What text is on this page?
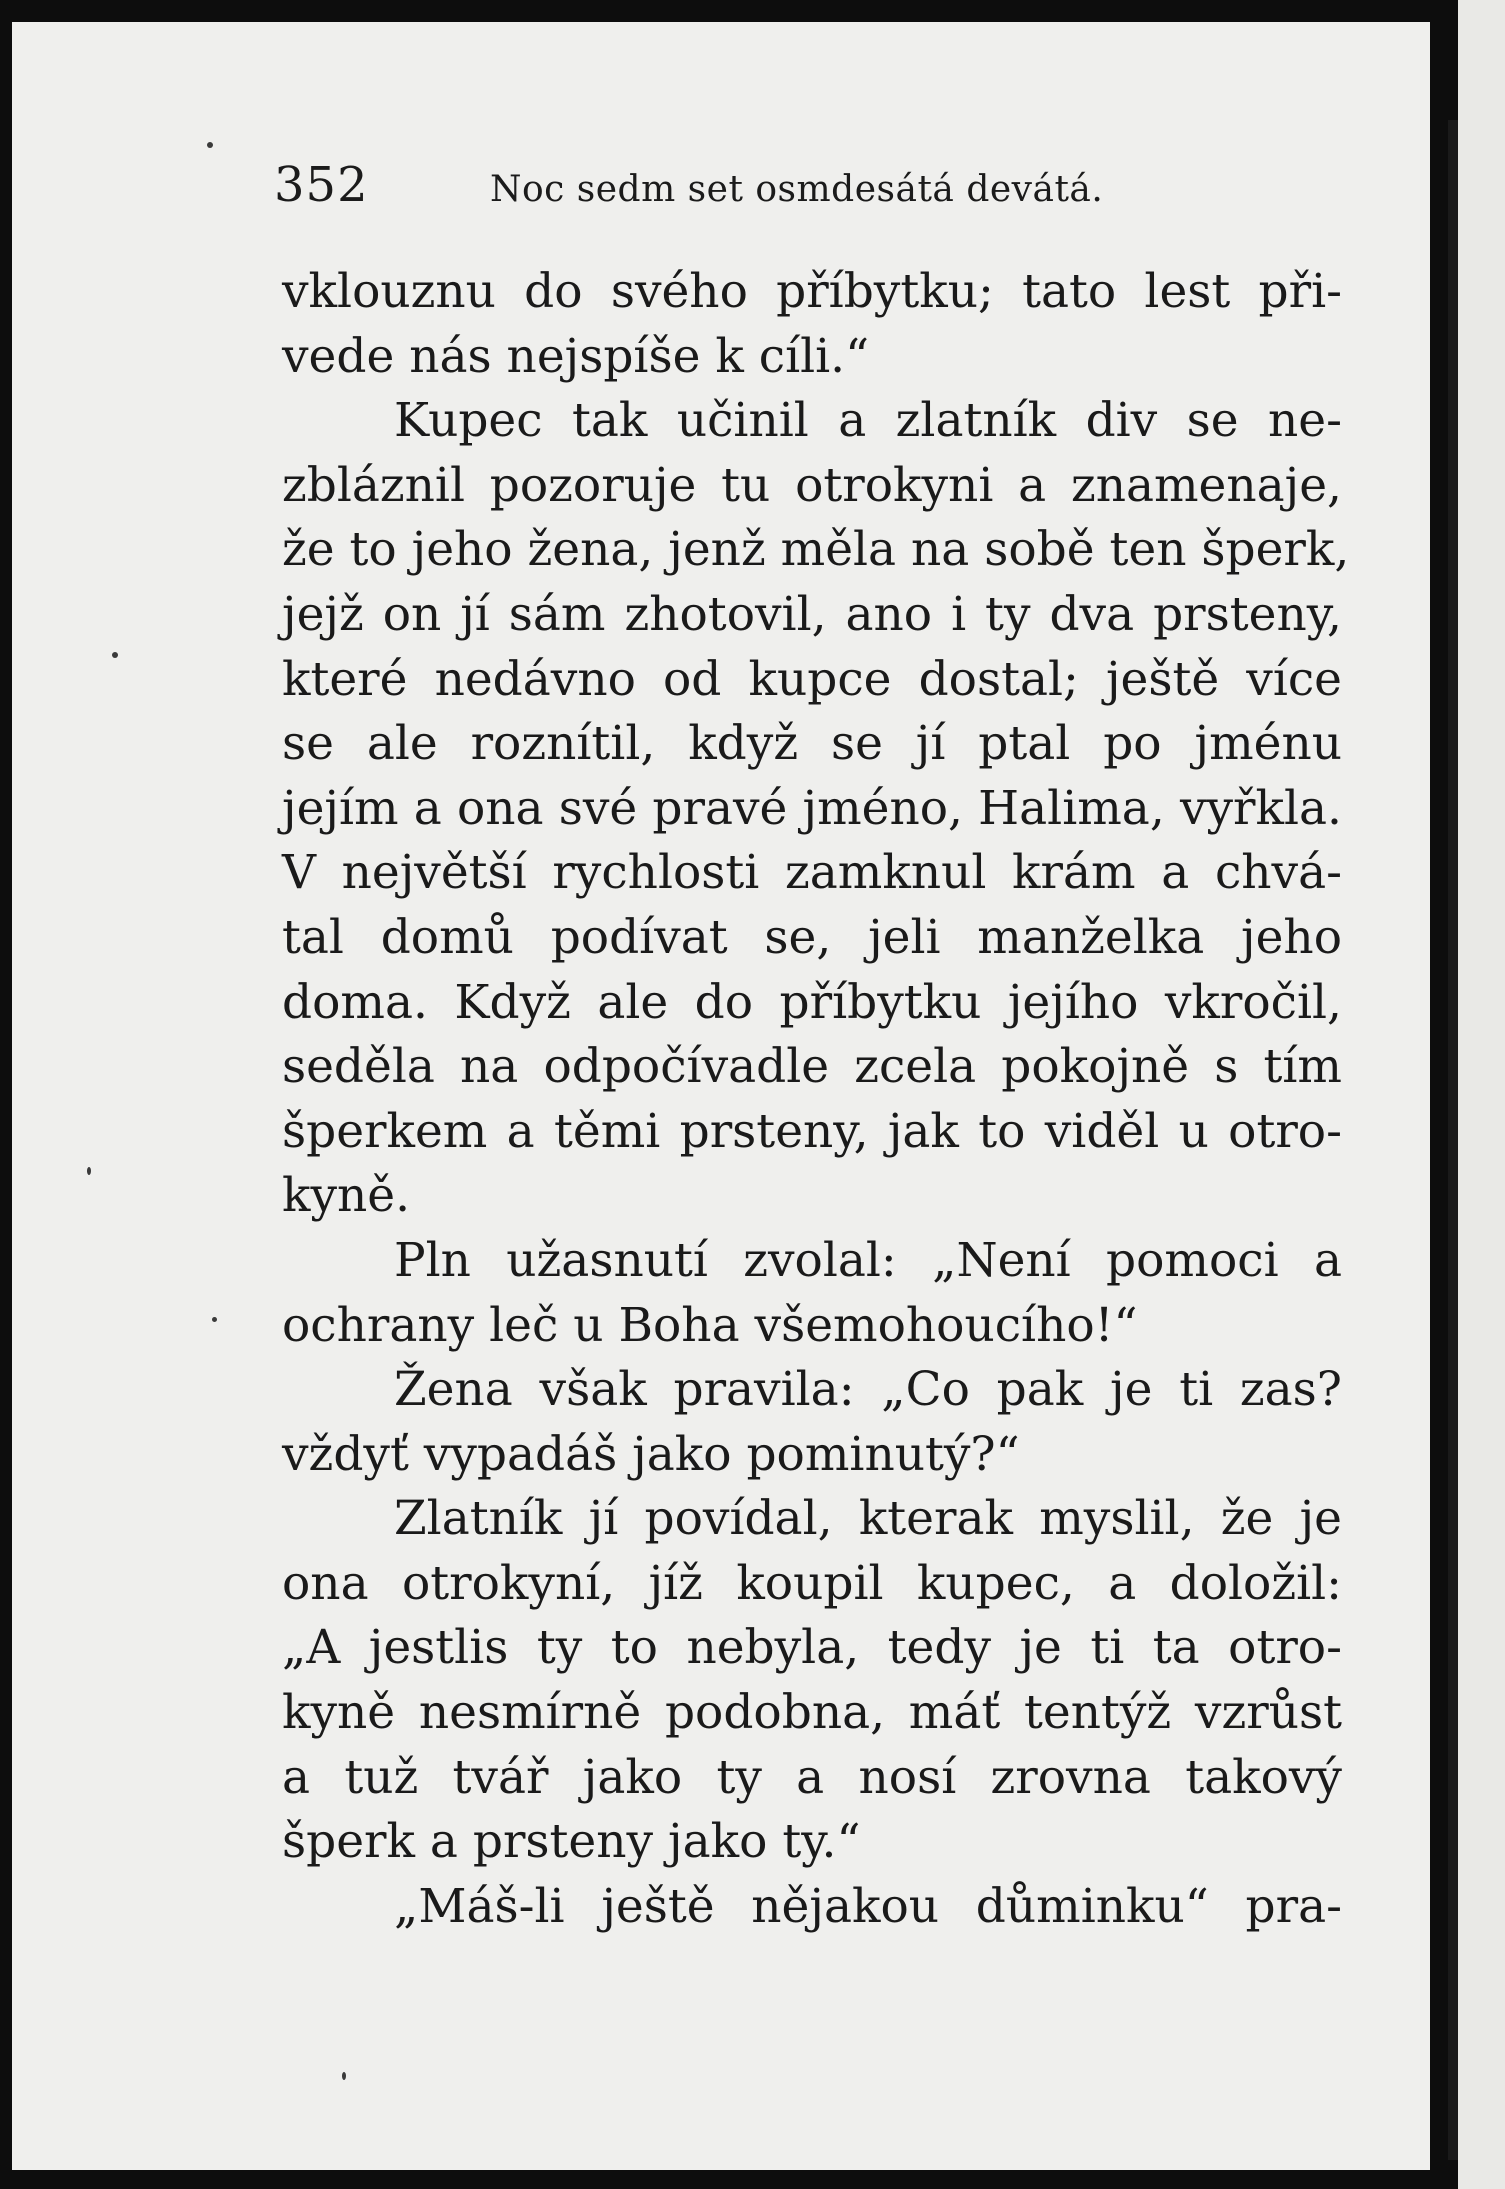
352	Noc sedm set osmdesátá devátá.
vklouznu do svého příbytku; tato lest při-
vede nás nejspíše k cíli.“
Kupec tak učinil a zlatník div se ne-
zbláznil pozoruje tu otrokyni a znamenaje,
že to jeho žena, jenž měla na sobě ten šperk,
jejž on jí sám zhotovil, ano i ty dva prsteny,
které nedávno od kupce dostal; ještě více
se ale roznítil, když se jí ptal po jménu
jejím a ona své pravé jméno, Halima, vyřkla.
V největší rychlosti zamknul krám a chvá-
tal domů podívat se, jeli manželka jeho
doma. Když ale do příbytku jejího vkročil,
seděla na odpočívadle zcela pokojně s tím
šperkem a těmi prsteny, jak to viděl u otro-
kyně.
Pln užasnutí zvolal: „Není pomoci a
ochrany leč u Boha všemohoucího!“
Žena však pravila: „Co pak je ti zas?
vždyť vypadáš jako pominutý?“
Zlatník jí povídal, kterak myslil, že je
ona otrokyní, jíž koupil kupec, a doložil:
„A jestlis ty to nebyla, tedy je ti ta otro-
kyně nesmírně podobna, máť tentýž vzrůst
a tuž tvář jako ty a nosí zrovna takový
šperk a prsteny jako ty.“
„Máš-li ještě nějakou důminku“ pra-
